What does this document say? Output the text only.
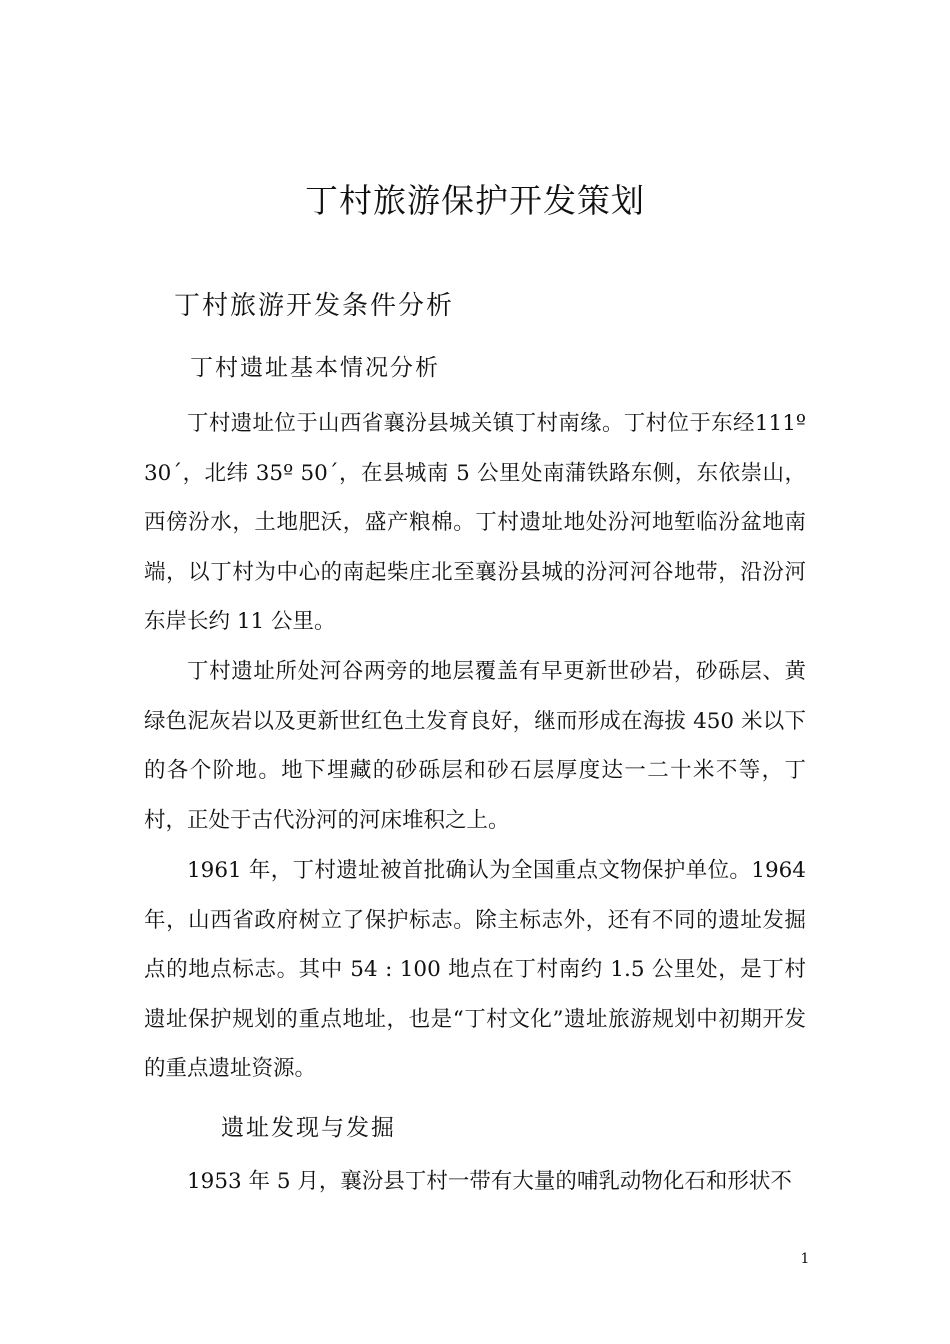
丁村旅游保护开发策划
丁村旅游开发条件分析
丁村遗址基本情况分析

丁村遗址位于山西省襄汾县城关镇丁村南缘。丁村位于东经111º 30´，北纬 35º 50´，在县城南 5 公里处南蒲铁路东侧，东依崇山，西傍汾水，土地肥沃，盛产粮棉。丁村遗址地处汾河地堑临汾盆地南端，以丁村为中心的南起柴庄北至襄汾县城的汾河河谷地带，沿汾河东岸长约 11 公里。

丁村遗址所处河谷两旁的地层覆盖有早更新世砂岩，砂砾层、黄绿色泥灰岩以及更新世红色土发育良好，继而形成在海拔 450 米以下的各个阶地。地下埋藏的砂砾层和砂石层厚度达一二十米不等，丁村，正处于古代汾河的河床堆积之上。

1961 年，丁村遗址被首批确认为全国重点文物保护单位。1964 年，山西省政府树立了保护标志。除主标志外，还有不同的遗址发掘点的地点标志。其中 54 : 100 地点在丁村南约 1.5 公里处，是丁村遗址保护规划的重点地址，也是“丁村文化”遗址旅游规划中初期开发的重点遗址资源。

遗址发现与发掘

1953 年 5 月，襄汾县丁村一带有大量的哺乳动物化石和形状不

1
